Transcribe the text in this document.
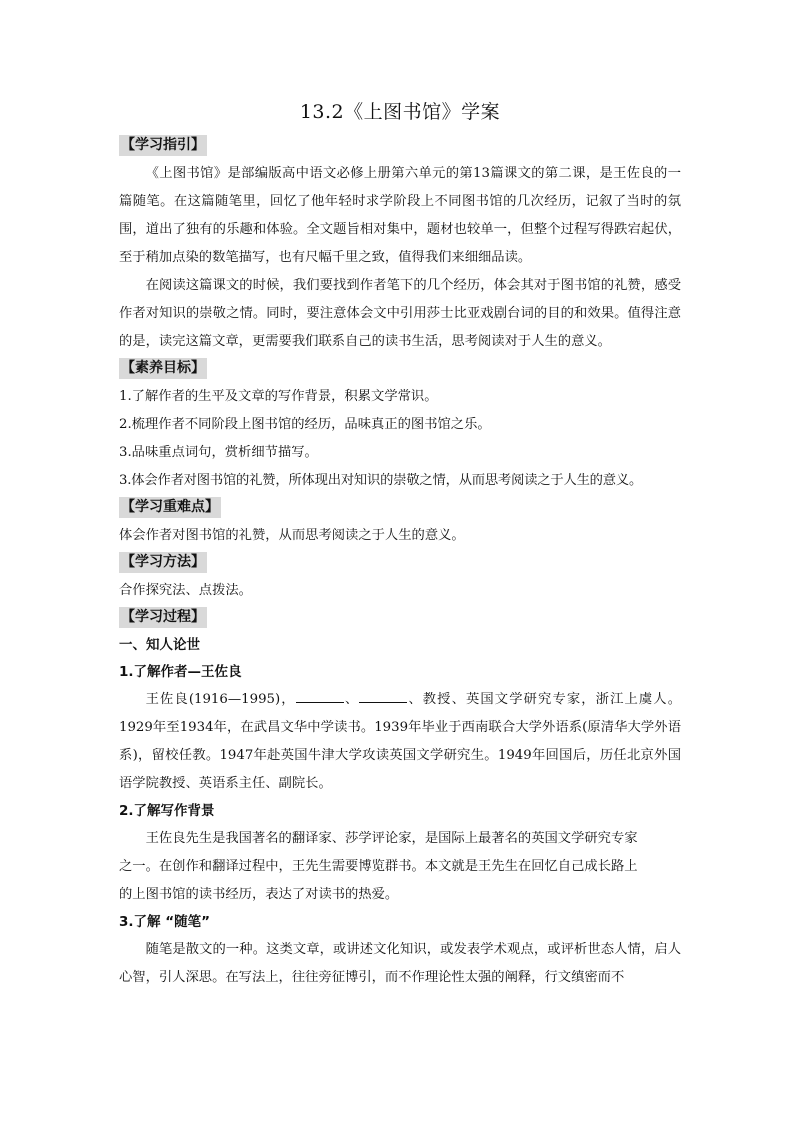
13.2《上图书馆》学案
【学习指引】

《上图书馆》是部编版高中语文必修上册第六单元的第13篇课文的第二课，是王佐良的一篇随笔。在这篇随笔里，回忆了他年轻时求学阶段上不同图书馆的几次经历，记叙了当时的氛围，道出了独有的乐趣和体验。全文题旨相对集中，题材也较单一，但整个过程写得跌宕起伏，至于稍加点染的数笔描写，也有尺幅千里之致，值得我们来细细品读。

在阅读这篇课文的时候，我们要找到作者笔下的几个经历，体会其对于图书馆的礼赞，感受作者对知识的崇敬之情。同时，要注意体会文中引用莎士比亚戏剧台词的目的和效果。值得注意的是，读完这篇文章，更需要我们联系自己的读书生活，思考阅读对于人生的意义。

【素养目标】

1.了解作者的生平及文章的写作背景，积累文学常识。

2.梳理作者不同阶段上图书馆的经历，品味真正的图书馆之乐。

3.品味重点词句，赏析细节描写。

3.体会作者对图书馆的礼赞，所体现出对知识的崇敬之情，从而思考阅读之于人生的意义。

【学习重难点】

体会作者对图书馆的礼赞，从而思考阅读之于人生的意义。

【学习方法】

合作探究法、点拨法。

【学习过程】

一、知人论世

1.了解作者—王佐良

王佐良(1916—1995)，	、	、教授、英国文学研究专家，浙江上虞人。1929年至1934年，在武昌文华中学读书。1939年毕业于西南联合大学外语系(原清华大学外语系)，留校任教。1947年赴英国牛津大学攻读英国文学研究生。1949年回国后，历任北京外国语学院教授、英语系主任、副院长。

2.了解写作背景

王佐良先生是我国著名的翻译家、莎学评论家，是国际上最著名的英国文学研究专家

之一。在创作和翻译过程中，王先生需要博览群书。本文就是王先生在回忆自己成长路上

的上图书馆的读书经历，表达了对读书的热爱。

3.了解 “随笔”

随笔是散文的一种。这类文章，或讲述文化知识，或发表学术观点，或评析世态人情，启人心智，引人深思。在写法上，往往旁征博引，而不作理论性太强的阐释，行文缜密而不
